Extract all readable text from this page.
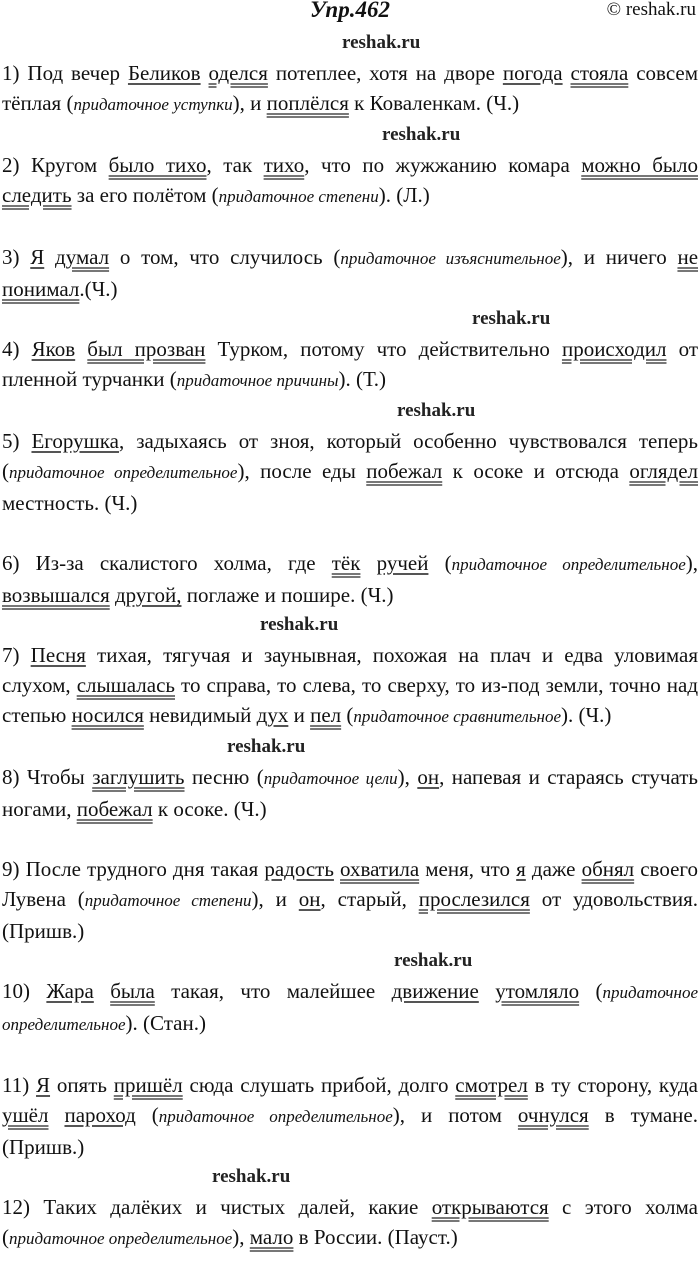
Упр.462	© reshak.ru
reshak.ru

1) Под вечер Беликов оделся потеплее, хотя на дворе погода стояла совсем тёплая (придаточное уступки), и поплёлся к Коваленкам. (Ч.)

reshak.ru

2) Кругом было тихо, так тихо, что по жужжанию комара можно было следить за его полётом (придаточное степени). (Л.)

3) Я думал о том, что случилось (придаточное изъяснительное), и ничего не понимал.(Ч.)

reshak.ru

4) Яков был прозван Турком, потому что действительно происходил от пленной турчанки (придаточное причины). (Т.)

reshak.ru

5) Егорушка, задыхаясь от зноя, который особенно чувствовался теперь (придаточное определительное), после еды побежал к осоке и отсюда оглядел местность. (Ч.)

6) Из-за скалистого холма, где тёк ручей (придаточное определительное), возвышался другой, поглаже и пошире. (Ч.)

reshak.ru

7) Песня тихая, тягучая и заунывная, похожая на плач и едва уловимая слухом, слышалась то справа, то слева, то сверху, то из-под земли, точно над степью носился невидимый дух и пел (придаточное сравнительное). (Ч.)

reshak.ru

8) Чтобы заглушить песню (придаточное цели), он, напевая и стараясь стучать ногами, побежал к осоке. (Ч.)

9) После трудного дня такая радость охватила меня, что я даже обнял своего Лувена (придаточное степени), и он, старый, прослезился от удовольствия. (Пришв.)

reshak.ru

10) Жара была такая, что малейшее движение утомляло (придаточное определительное). (Стан.)

11) Я опять пришёл сюда слушать прибой, долго смотрел в ту сторону, куда ушёл пароход (придаточное определительное), и потом очнулся в тумане. (Пришв.)

reshak.ru

12) Таких далёких и чистых далей, какие открываются с этого холма (придаточное определительное), мало в России. (Пауст.)
